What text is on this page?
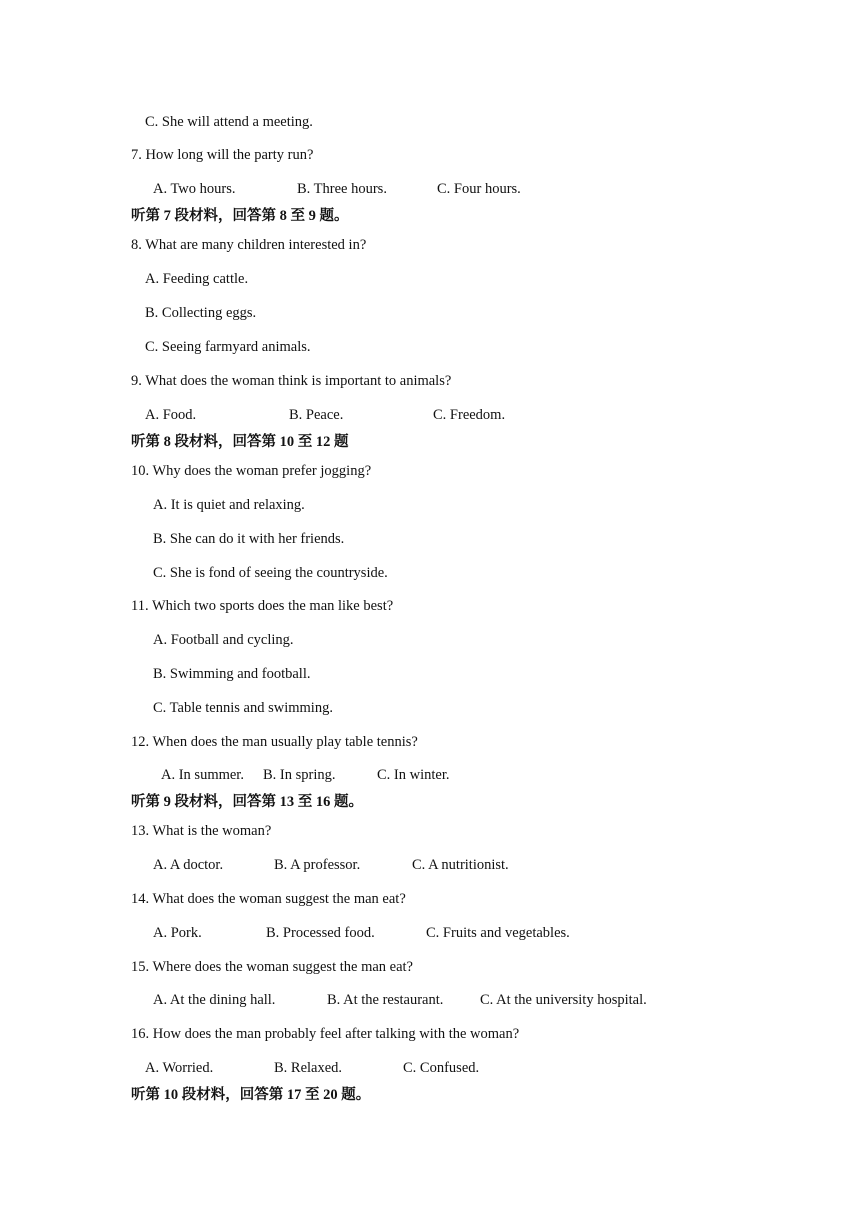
C. She will attend a meeting.
7. How long will the party run?
A. Two hours.	B. Three hours.	C. Four hours.
听第 7 段材料，回答第 8 至 9 题。
8. What are many children interested in?
A. Feeding cattle.
B. Collecting eggs.
C. Seeing farmyard animals.
9. What does the woman think is important to animals?
A. Food.	B. Peace.	C. Freedom.
听第 8 段材料，回答第 10 至 12 题
10. Why does the woman prefer jogging?
A. It is quiet and relaxing.
B. She can do it with her friends.
C. She is fond of seeing the countryside.
11. Which two sports does the man like best?
A. Football and cycling.
B. Swimming and football.
C. Table tennis and swimming.
12. When does the man usually play table tennis?
A. In summer. B. In spring.	C. In winter.
听第 9 段材料，回答第 13 至 16 题。
13. What is the woman?
A. A doctor.	B. A professor.	C. A nutritionist.
14. What does the woman suggest the man eat?
A. Pork.	B. Processed food.	C. Fruits and vegetables.
15. Where does the woman suggest the man eat?
A. At the dining hall.	B. At the restaurant.	C. At the university hospital.
16. How does the man probably feel after talking with the woman?
A. Worried.	B. Relaxed.	C. Confused.
听第 10 段材料，回答第 17 至 20 题。
